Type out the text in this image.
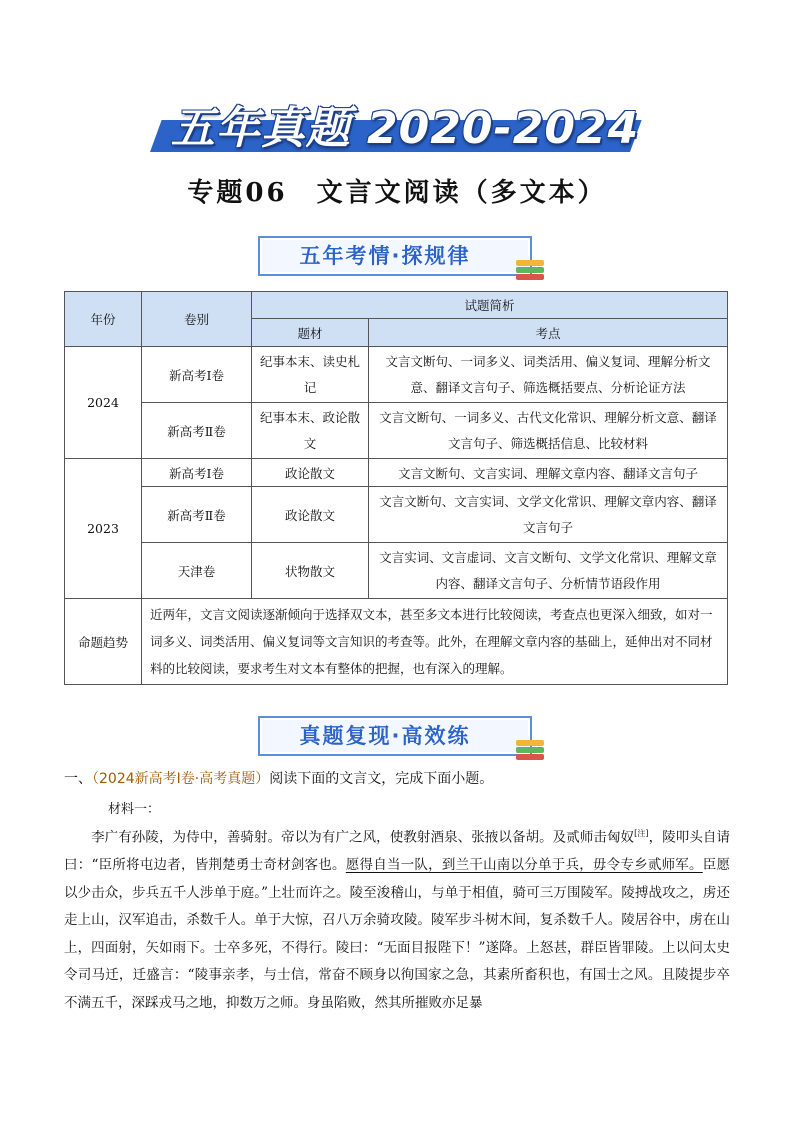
五年真题 2020-2024
专题06　文言文阅读（多文本）
五年考情·探规律
年份	卷别	试题简析	
		题材	考点
2024	新高考Ⅰ卷	纪事本末、读史札记	文言文断句、一词多义、词类活用、偏义复词、理解分析文意、翻译文言句子、筛选概括要点、分析论证方法
	新高考Ⅱ卷	纪事本末、政论散文	文言文断句、一词多义、古代文化常识、理解分析文意、翻译文言句子、筛选概括信息、比较材料
2023	新高考Ⅰ卷	政论散文	文言文断句、文言实词、理解文章内容、翻译文言句子
	新高考Ⅱ卷	政论散文	文言文断句、文言实词、文学文化常识、理解文章内容、翻译文言句子
	天津卷	状物散文	文言实词、文言虚词、文言文断句、文学文化常识、理解文章内容、翻译文言句子、分析情节语段作用
命题趋势	近两年，文言文阅读逐渐倾向于选择双文本，甚至多文本进行比较阅读，考查点也更深入细致，如对一词多义、词类活用、偏义复词等文言知识的考查等。此外，在理解文章内容的基础上，延伸出对不同材料的比较阅读，要求考生对文本有整体的把握，也有深入的理解。		
真题复现·高效练
一、（2024新高考Ⅰ卷·高考真题）阅读下面的文言文，完成下面小题。
材料一：
李广有孙陵，为侍中，善骑射。帝以为有广之风，使教射酒泉、张掖以备胡。及贰师击匈奴[注]，陵叩头自请曰：“臣所将屯边者，皆荆楚勇士奇材剑客也。愿得自当一队，到兰干山南以分单于兵，毋令专乡贰师军。臣愿以少击众，步兵五千人涉单于庭。”上壮而许之。陵至浚稽山，与单于相值，骑可三万围陵军。陵搏战攻之，虏还走上山，汉军追击，杀数千人。单于大惊，召八万余骑攻陵。陵军步斗树木间，复杀数千人。陵居谷中，虏在山上，四面射，矢如雨下。士卒多死，不得行。陵曰：“无面目报陛下！”遂降。上怒甚，群臣皆罪陵。上以问太史令司马迁，迁盛言：“陵事亲孝，与士信，常奋不顾身以徇国家之急，其素所畜积也，有国士之风。且陵提步卒不满五千，深踩戎马之地，抑数万之师。身虽陷败，然其所摧败亦足暴
